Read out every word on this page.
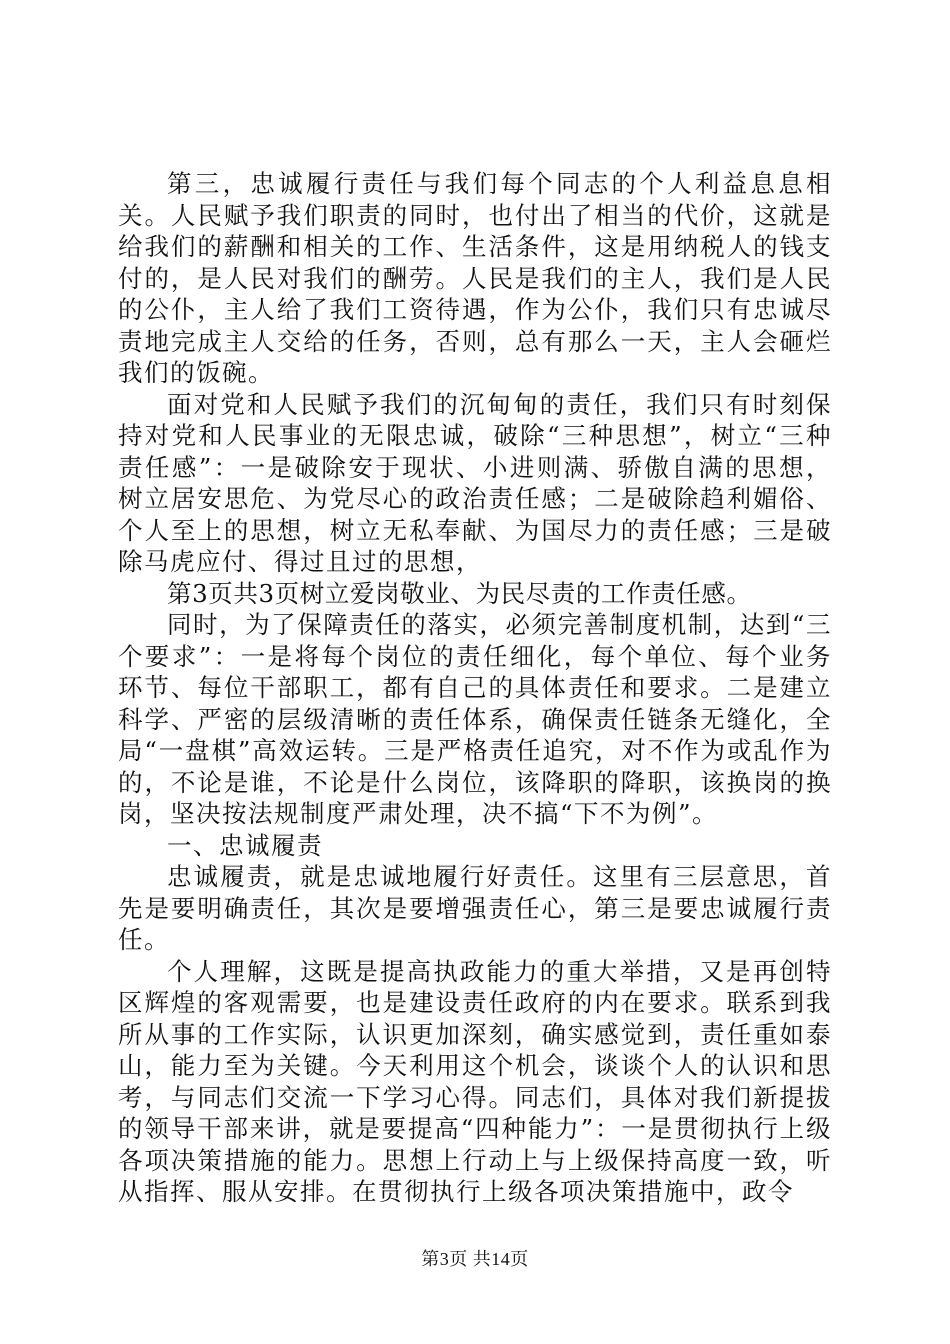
第三，忠诚履行责任与我们每个同志的个人利益息息相关。人民赋予我们职责的同时，也付出了相当的代价，这就是给我们的薪酬和相关的工作、生活条件，这是用纳税人的钱支付的，是人民对我们的酬劳。人民是我们的主人，我们是人民的公仆，主人给了我们工资待遇，作为公仆，我们只有忠诚尽责地完成主人交给的任务，否则，总有那么一天，主人会砸烂我们的饭碗。

面对党和人民赋予我们的沉甸甸的责任，我们只有时刻保持对党和人民事业的无限忠诚，破除“三种思想”，树立“三种责任感”：一是破除安于现状、小进则满、骄傲自满的思想，树立居安思危、为党尽心的政治责任感；二是破除趋利媚俗、个人至上的思想，树立无私奉献、为国尽力的责任感；三是破除马虎应付、得过且过的思想，

第3页共3页树立爱岗敬业、为民尽责的工作责任感。

同时，为了保障责任的落实，必须完善制度机制，达到“三个要求”：一是将每个岗位的责任细化，每个单位、每个业务环节、每位干部职工，都有自己的具体责任和要求。二是建立科学、严密的层级清晰的责任体系，确保责任链条无缝化，全局“一盘棋”高效运转。三是严格责任追究，对不作为或乱作为的，不论是谁，不论是什么岗位，该降职的降职，该换岗的换岗，坚决按法规制度严肃处理，决不搞“下不为例”。

一、忠诚履责

忠诚履责，就是忠诚地履行好责任。这里有三层意思，首先是要明确责任，其次是要增强责任心，第三是要忠诚履行责任。

个人理解，这既是提高执政能力的重大举措，又是再创特区辉煌的客观需要，也是建设责任政府的内在要求。联系到我所从事的工作实际，认识更加深刻，确实感觉到，责任重如泰山，能力至为关键。今天利用这个机会，谈谈个人的认识和思考，与同志们交流一下学习心得。同志们，具体对我们新提拔的领导干部来讲，就是要提高“四种能力”：一是贯彻执行上级各项决策措施的能力。思想上行动上与上级保持高度一致，听从指挥、服从安排。在贯彻执行上级各项决策措施中，政令

第3页 共14页
